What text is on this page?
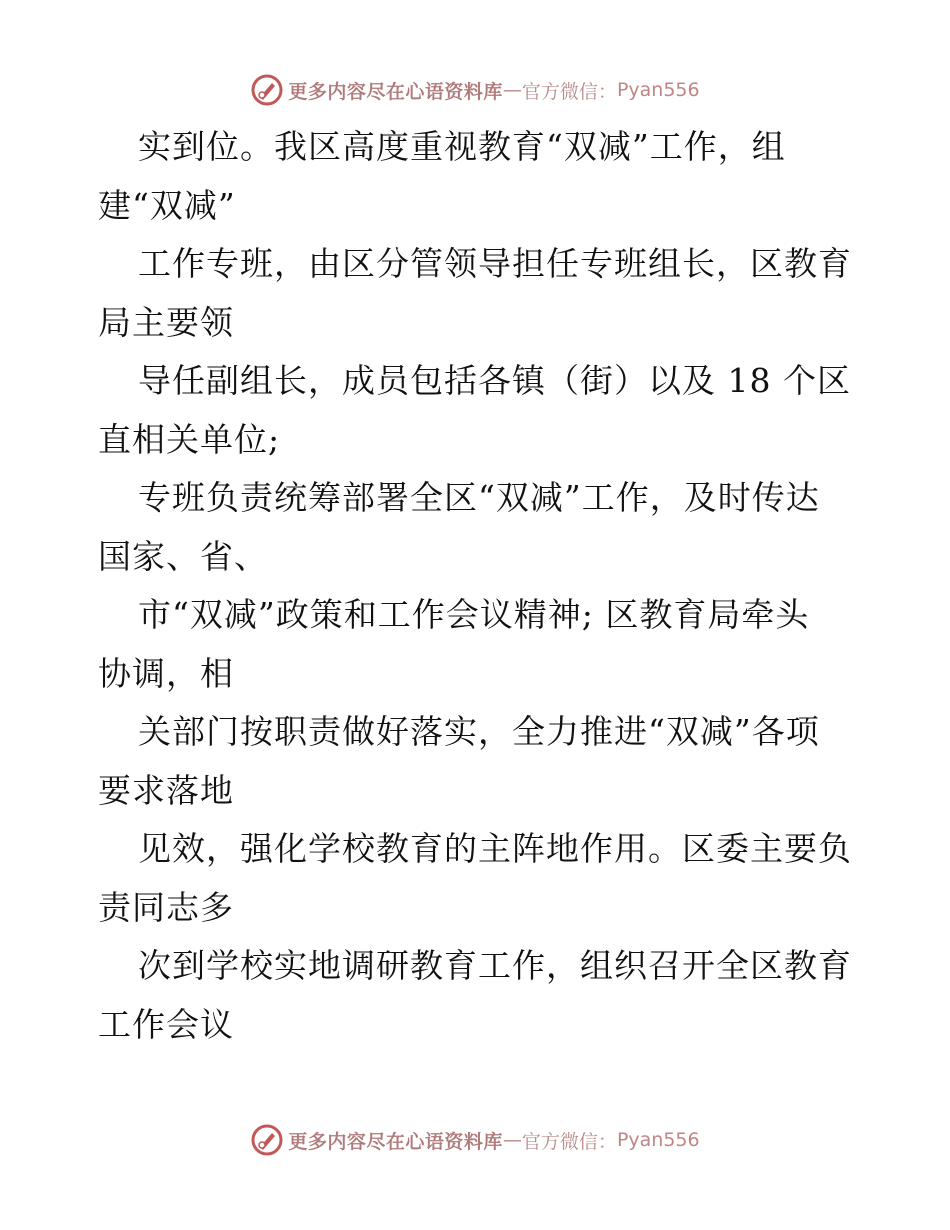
更多内容尽在心语资料库 — 官方微信： Pyan556
实到位。我区高度重视教育“双减”工作，组
建“双减”
工作专班，由区分管领导担任专班组长，区教育
局主要领
导任副组长，成员包括各镇（街）以及 18 个区
直相关单位;
专班负责统筹部署全区“双减”工作，及时传达
国家、省、
市“双减”政策和工作会议精神; 区教育局牵头
协调，相
关部门按职责做好落实，全力推进“双减”各项
要求落地
见效，强化学校教育的主阵地作用。区委主要负
责同志多
次到学校实地调研教育工作，组织召开全区教育
工作会议
更多内容尽在心语资料库 — 官方微信： Pyan556
